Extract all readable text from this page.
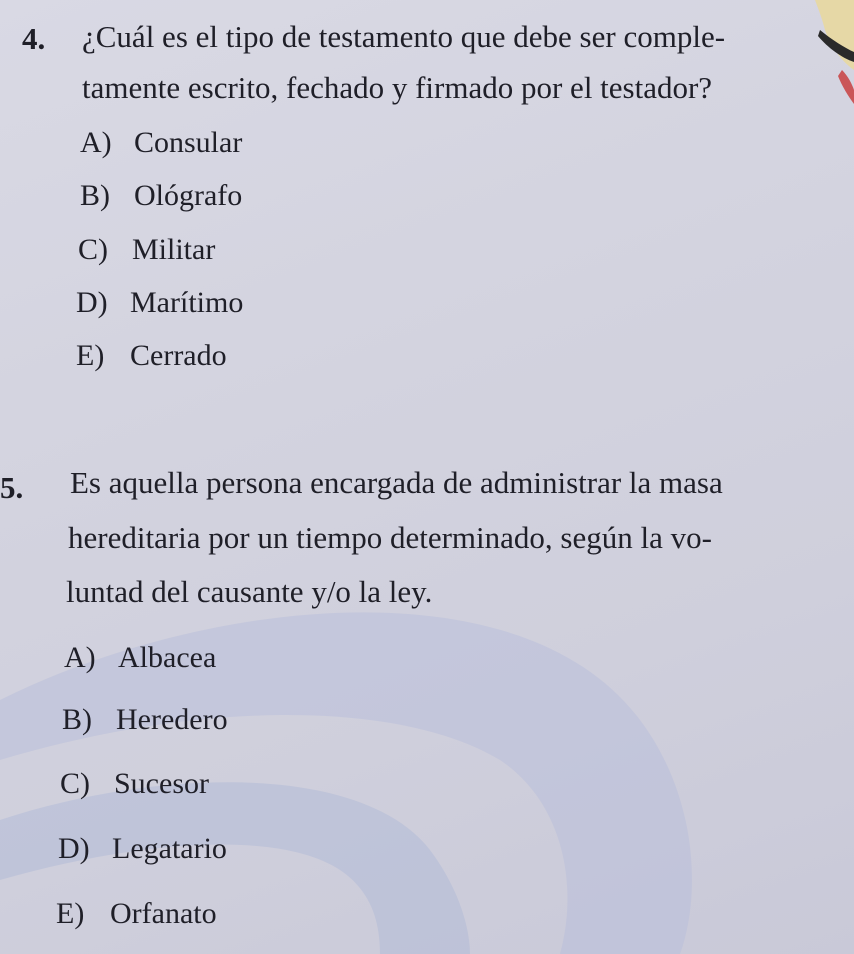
4. ¿Cuál es el tipo de testamento que debe ser comple-
tamente escrito, fechado y firmado por el testador?
A) Consular
B) Ológrafo
C) Militar
D) Marítimo
E) Cerrado
5. Es aquella persona encargada de administrar la masa
hereditaria por un tiempo determinado, según la vo-
luntad del causante y/o la ley.
A) Albacea
B) Heredero
C) Sucesor
D) Legatario
E) Orfanato
